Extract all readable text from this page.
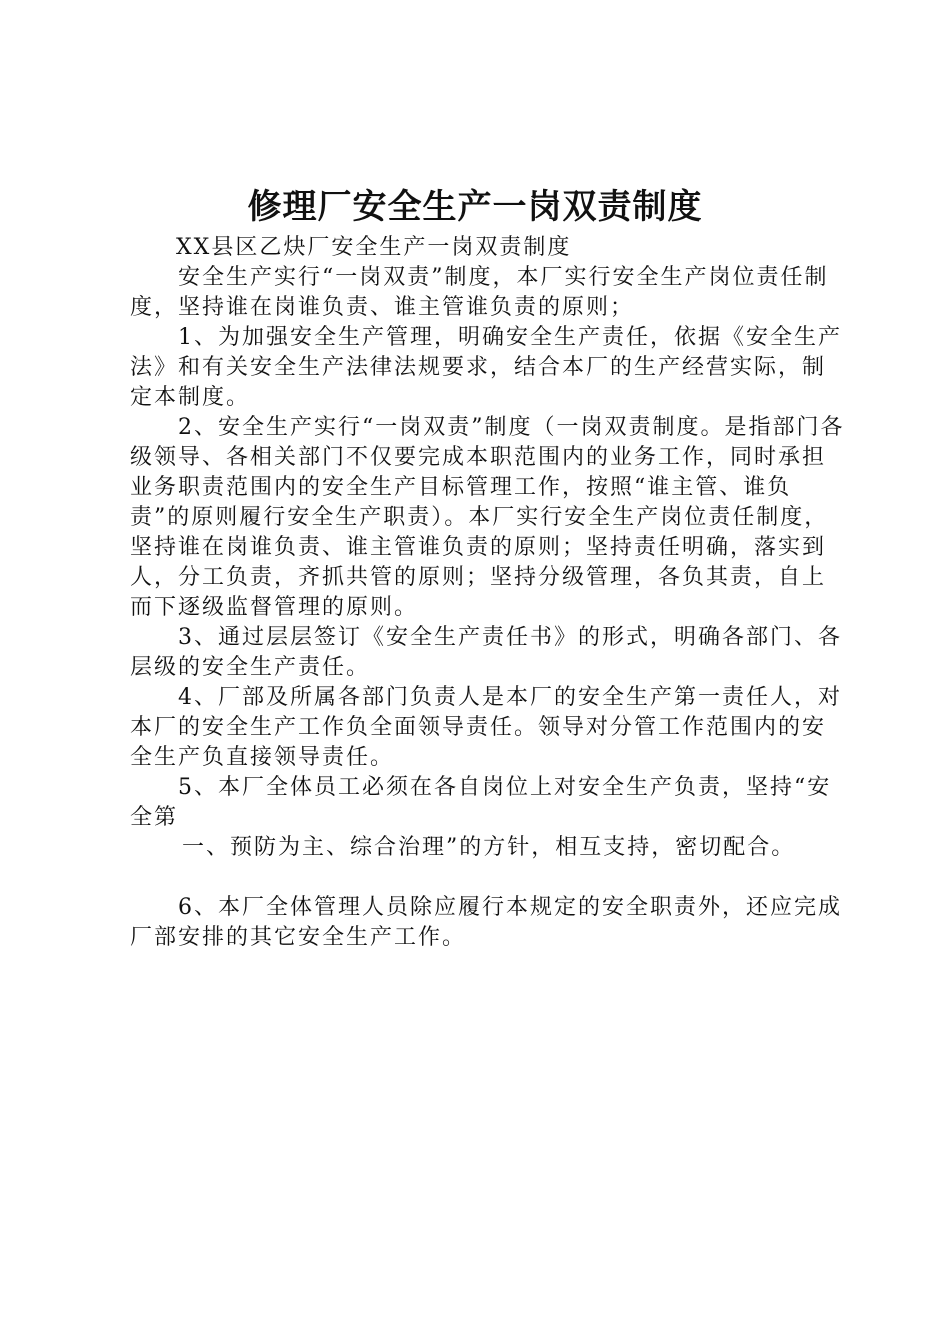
修理厂安全生产一岗双责制度

XX县区乙炔厂安全生产一岗双责制度

安全生产实行“一岗双责”制度，本厂实行安全生产岗位责任制度，坚持谁在岗谁负责、谁主管谁负责的原则；

1、为加强安全生产管理，明确安全生产责任，依据《安全生产法》和有关安全生产法律法规要求，结合本厂的生产经营实际，制定本制度。

2、安全生产实行“一岗双责”制度（一岗双责制度。是指部门各级领导、各相关部门不仅要完成本职范围内的业务工作，同时承担业务职责范围内的安全生产目标管理工作，按照“谁主管、谁负责”的原则履行安全生产职责）。本厂实行安全生产岗位责任制度，坚持谁在岗谁负责、谁主管谁负责的原则；坚持责任明确，落实到人，分工负责，齐抓共管的原则；坚持分级管理，各负其责，自上而下逐级监督管理的原则。

3、通过层层签订《安全生产责任书》的形式，明确各部门、各层级的安全生产责任。

4、厂部及所属各部门负责人是本厂的安全生产第一责任人，对本厂的安全生产工作负全面领导责任。领导对分管工作范围内的安全生产负直接领导责任。

5、本厂全体员工必须在各自岗位上对安全生产负责，坚持“安全第

一、预防为主、综合治理”的方针，相互支持，密切配合。

6、本厂全体管理人员除应履行本规定的安全职责外，还应完成厂部安排的其它安全生产工作。
